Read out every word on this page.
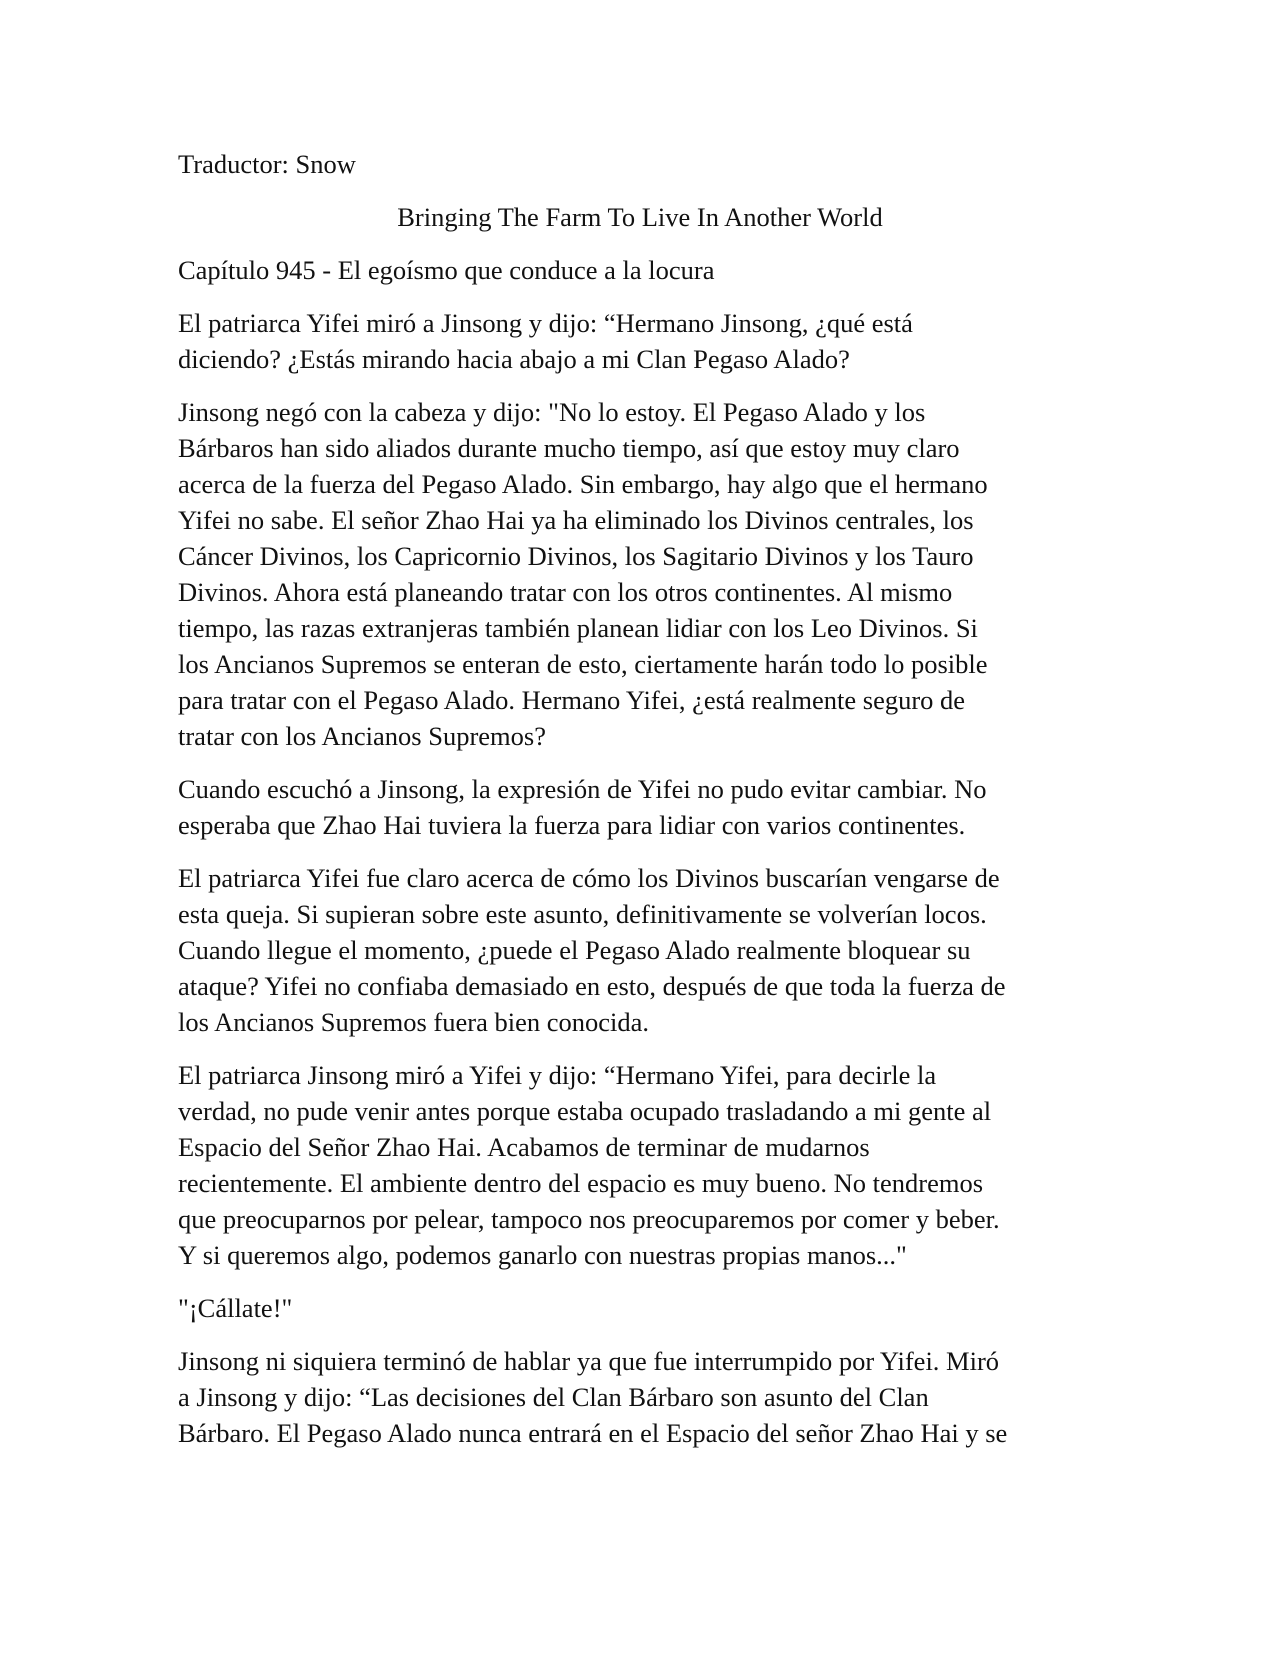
Traductor: Snow

Bringing The Farm To Live In Another World

Capítulo 945 - El egoísmo que conduce a la locura

El patriarca Yifei miró a Jinsong y dijo: “Hermano Jinsong, ¿qué está
diciendo? ¿Estás mirando hacia abajo a mi Clan Pegaso Alado?

Jinsong negó con la cabeza y dijo: "No lo estoy. El Pegaso Alado y los
Bárbaros han sido aliados durante mucho tiempo, así que estoy muy claro
acerca de la fuerza del Pegaso Alado. Sin embargo, hay algo que el hermano
Yifei no sabe. El señor Zhao Hai ya ha eliminado los Divinos centrales, los
Cáncer Divinos, los Capricornio Divinos, los Sagitario Divinos y los Tauro
Divinos. Ahora está planeando tratar con los otros continentes. Al mismo
tiempo, las razas extranjeras también planean lidiar con los Leo Divinos. Si
los Ancianos Supremos se enteran de esto, ciertamente harán todo lo posible
para tratar con el Pegaso Alado. Hermano Yifei, ¿está realmente seguro de
tratar con los Ancianos Supremos?

Cuando escuchó a Jinsong, la expresión de Yifei no pudo evitar cambiar. No
esperaba que Zhao Hai tuviera la fuerza para lidiar con varios continentes.

El patriarca Yifei fue claro acerca de cómo los Divinos buscarían vengarse de
esta queja. Si supieran sobre este asunto, definitivamente se volverían locos.
Cuando llegue el momento, ¿puede el Pegaso Alado realmente bloquear su
ataque? Yifei no confiaba demasiado en esto, después de que toda la fuerza de
los Ancianos Supremos fuera bien conocida.

El patriarca Jinsong miró a Yifei y dijo: “Hermano Yifei, para decirle la
verdad, no pude venir antes porque estaba ocupado trasladando a mi gente al
Espacio del Señor Zhao Hai. Acabamos de terminar de mudarnos
recientemente. El ambiente dentro del espacio es muy bueno. No tendremos
que preocuparnos por pelear, tampoco nos preocuparemos por comer y beber.
Y si queremos algo, podemos ganarlo con nuestras propias manos..."

"¡Cállate!"

Jinsong ni siquiera terminó de hablar ya que fue interrumpido por Yifei. Miró
a Jinsong y dijo: “Las decisiones del Clan Bárbaro son asunto del Clan
Bárbaro. El Pegaso Alado nunca entrará en el Espacio del señor Zhao Hai y se
